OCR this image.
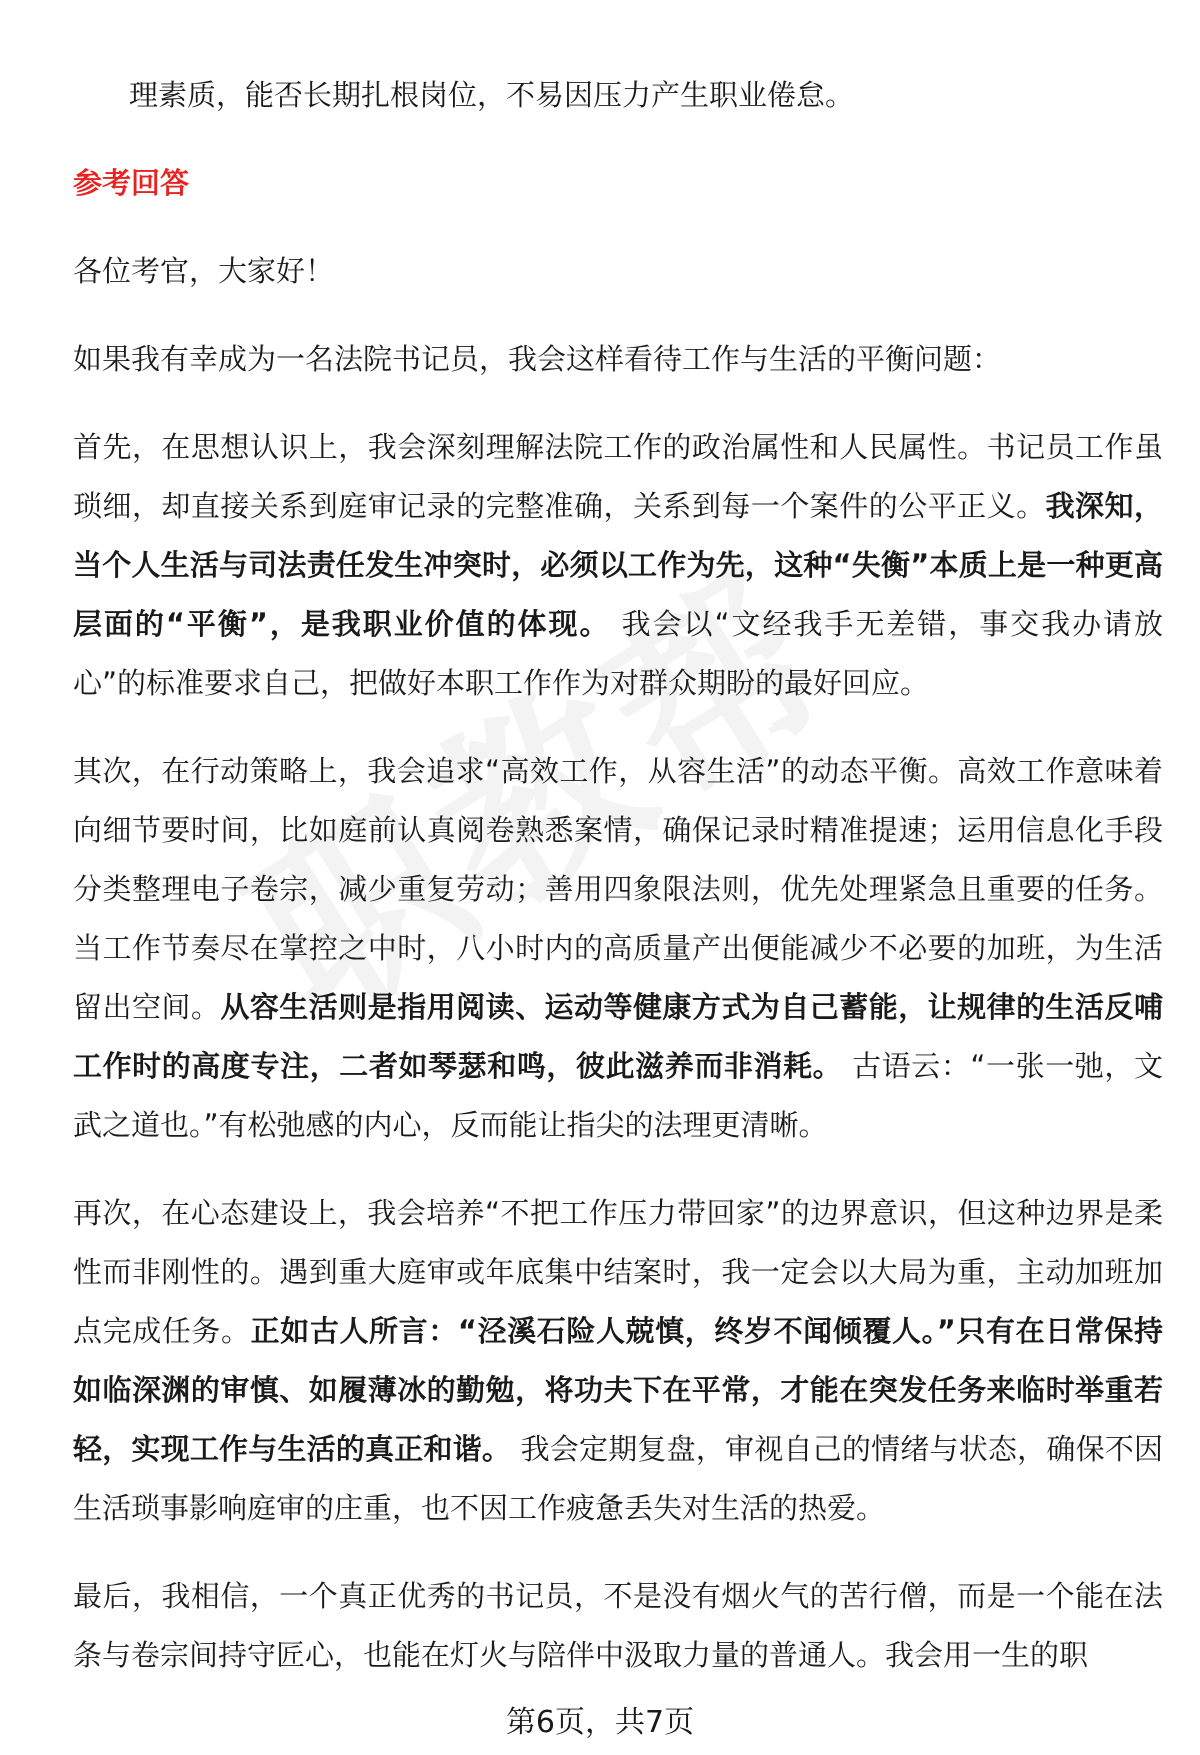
理素质，能否长期扎根岗位，不易因压力产生职业倦怠。

参考回答

各位考官，大家好！

如果我有幸成为一名法院书记员，我会这样看待工作与生活的平衡问题：

首先，在思想认识上，我会深刻理解法院工作的政治属性和人民属性。书记员工作虽琐细，却直接关系到庭审记录的完整准确，关系到每一个案件的公平正义。我深知，当个人生活与司法责任发生冲突时，必须以工作为先，这种“失衡”本质上是一种更高层面的“平衡”，是我职业价值的体现。 我会以“文经我手无差错，事交我办请放心”的标准要求自己，把做好本职工作作为对群众期盼的最好回应。

其次，在行动策略上，我会追求“高效工作，从容生活”的动态平衡。高效工作意味着向细节要时间，比如庭前认真阅卷熟悉案情，确保记录时精准提速；运用信息化手段分类整理电子卷宗，减少重复劳动；善用四象限法则，优先处理紧急且重要的任务。当工作节奏尽在掌控之中时，八小时内的高质量产出便能减少不必要的加班，为生活留出空间。从容生活则是指用阅读、运动等健康方式为自己蓄能，让规律的生活反哺工作时的高度专注，二者如琴瑟和鸣，彼此滋养而非消耗。 古语云：“一张一弛，文武之道也。”有松弛感的内心，反而能让指尖的法理更清晰。

再次，在心态建设上，我会培养“不把工作压力带回家”的边界意识，但这种边界是柔性而非刚性的。遇到重大庭审或年底集中结案时，我一定会以大局为重，主动加班加点完成任务。正如古人所言：“泾溪石险人兢慎，终岁不闻倾覆人。”只有在日常保持如临深渊的审慎、如履薄冰的勤勉，将功夫下在平常，才能在突发任务来临时举重若轻，实现工作与生活的真正和谐。 我会定期复盘，审视自己的情绪与状态，确保不因生活琐事影响庭审的庄重，也不因工作疲惫丢失对生活的热爱。

最后，我相信，一个真正优秀的书记员，不是没有烟火气的苦行僧，而是一个能在法条与卷宗间持守匠心，也能在灯火与陪伴中汲取力量的普通人。我会用一生的职

第6页，共7页
